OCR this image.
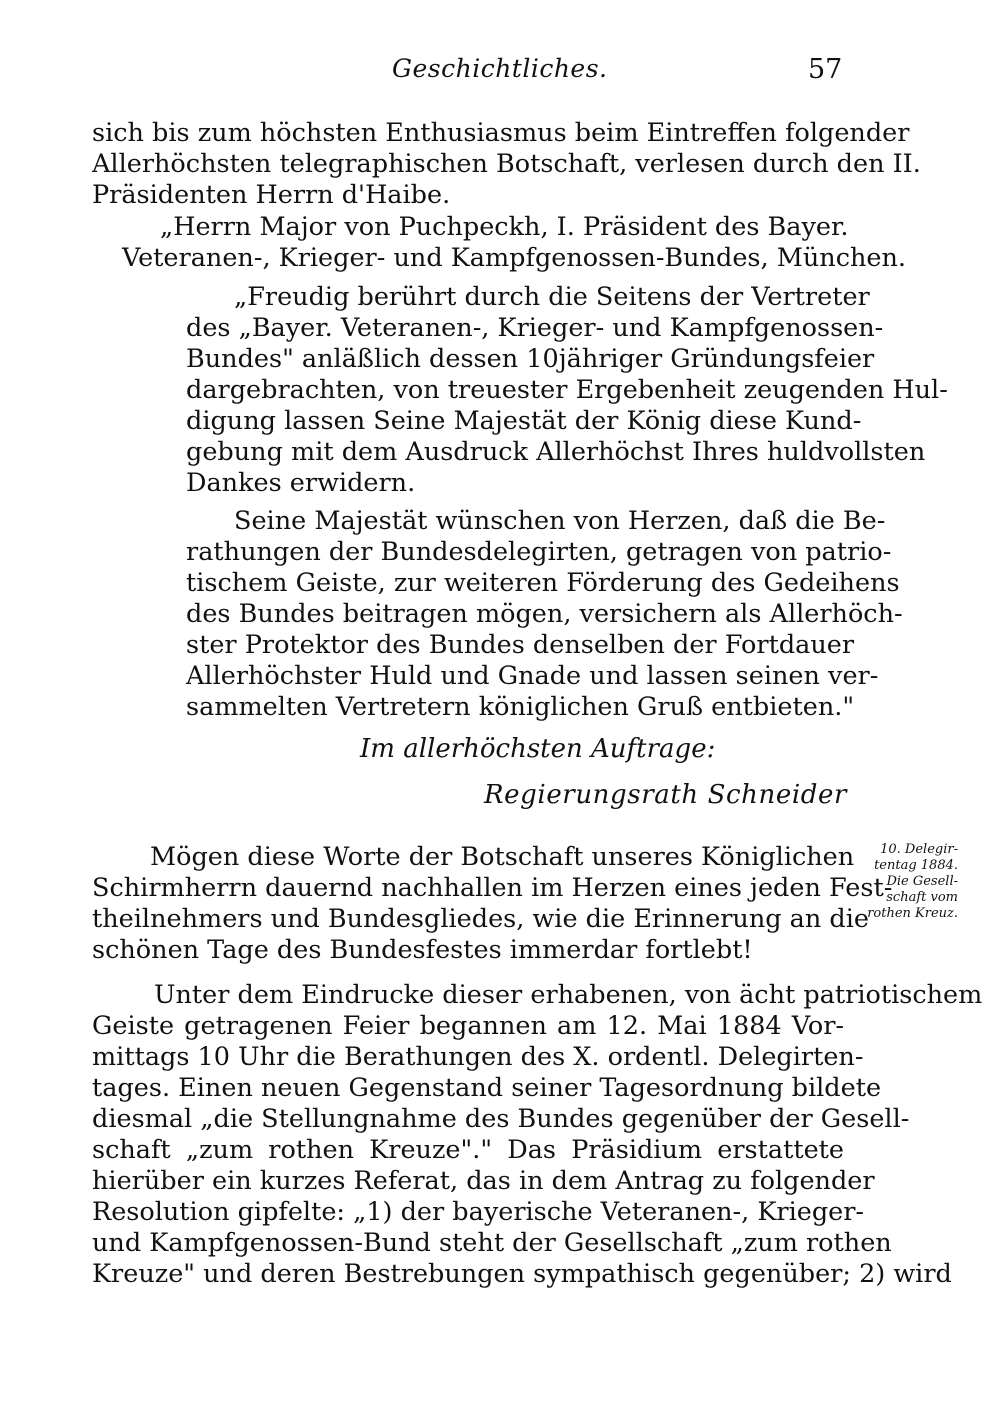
Geschichtliches.	57
sich bis zum höchsten Enthusiasmus beim Eintreffen folgender
Allerhöchsten telegraphischen Botschaft, verlesen durch den II.
Präsidenten Herrn d'Haibe.
„Herrn Major von Puchpeckh, I. Präsident des Bayer.
Veteranen-, Krieger- und Kampfgenossen-Bundes, München.
„Freudig berührt durch die Seitens der Vertreter
des „Bayer. Veteranen-, Krieger- und Kampfgenossen-
Bundes" anläßlich dessen 10jähriger Gründungsfeier
dargebrachten, von treuester Ergebenheit zeugenden Hul-
digung lassen Seine Majestät der König diese Kund-
gebung mit dem Ausdruck Allerhöchst Ihres huldvollsten
Dankes erwidern.
Seine Majestät wünschen von Herzen, daß die Be-
rathungen der Bundesdelegirten, getragen von patrio-
tischem Geiste, zur weiteren Förderung des Gedeihens
des Bundes beitragen mögen, versichern als Allerhöch-
ster Protektor des Bundes denselben der Fortdauer
Allerhöchster Huld und Gnade und lassen seinen ver-
sammelten Vertretern königlichen Gruß entbieten."
Im allerhöchsten Auftrage:
Regierungsrath Schneider
Mögen diese Worte der Botschaft unseres Königlichen
Schirmherrn dauernd nachhallen im Herzen eines jeden Fest-
theilnehmers und Bundesgliedes, wie die Erinnerung an die
schönen Tage des Bundesfestes immerdar fortlebt!
10. Delegir-
tentag 1884.
Die Gesell-
schaft vom
rothen Kreuz.
Unter dem Eindrucke dieser erhabenen, von ächt patriotischem
Geiste getragenen Feier begannen am 12. Mai 1884 Vor-
mittags 10 Uhr die Berathungen des X. ordentl. Delegirten-
tages. Einen neuen Gegenstand seiner Tagesordnung bildete
diesmal „die Stellungnahme des Bundes gegenüber der Gesell-
schaft „zum rothen Kreuze"." Das Präsidium erstattete
hierüber ein kurzes Referat, das in dem Antrag zu folgender
Resolution gipfelte: „1) der bayerische Veteranen-, Krieger-
und Kampfgenossen-Bund steht der Gesellschaft „zum rothen
Kreuze" und deren Bestrebungen sympathisch gegenüber; 2) wird
